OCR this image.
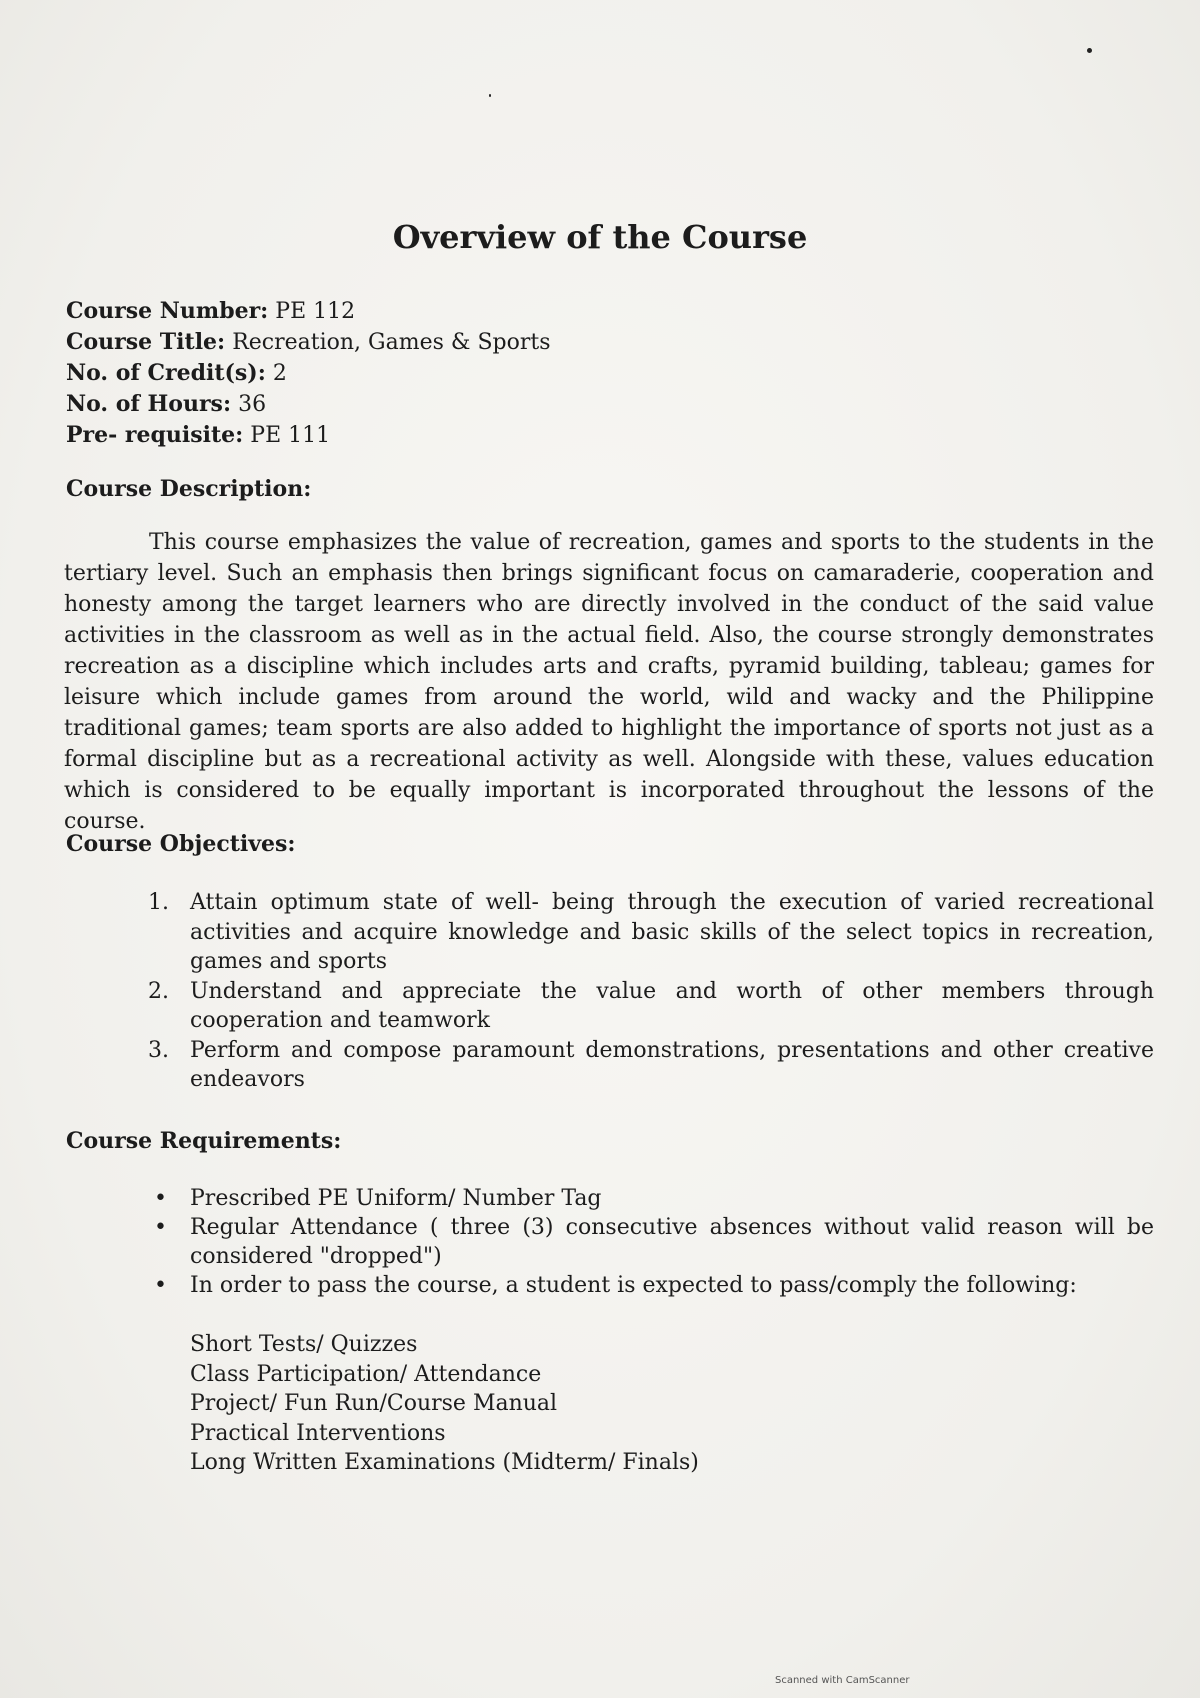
Overview of the Course
Course Number: PE 112
Course Title: Recreation, Games & Sports
No. of Credit(s): 2
No. of Hours: 36
Pre- requisite: PE 111
Course Description:

This course emphasizes the value of recreation, games and sports to the students in the tertiary level. Such an emphasis then brings significant focus on camaraderie, cooperation and honesty among the target learners who are directly involved in the conduct of the said value activities in the classroom as well as in the actual field. Also, the course strongly demonstrates recreation as a discipline which includes arts and crafts, pyramid building, tableau; games for leisure which include games from around the world, wild and wacky and the Philippine traditional games; team sports are also added to highlight the importance of sports not just as a formal discipline but as a recreational activity as well. Alongside with these, values education which is considered to be equally important is incorporated throughout the lessons of the course.

Course Objectives:
1. Attain optimum state of well- being through the execution of varied recreational activities and acquire knowledge and basic skills of the select topics in recreation, games and sports
2. Understand and appreciate the value and worth of other members through cooperation and teamwork
3. Perform and compose paramount demonstrations, presentations and other creative endeavors
Course Requirements:
• Prescribed PE Uniform/ Number Tag
• Regular Attendance ( three (3) consecutive absences without valid reason will be considered "dropped")
• In order to pass the course, a student is expected to pass/comply the following:
Short Tests/ Quizzes
Class Participation/ Attendance
Project/ Fun Run/Course Manual
Practical Interventions
Long Written Examinations (Midterm/ Finals)
Scanned with CamScanner
